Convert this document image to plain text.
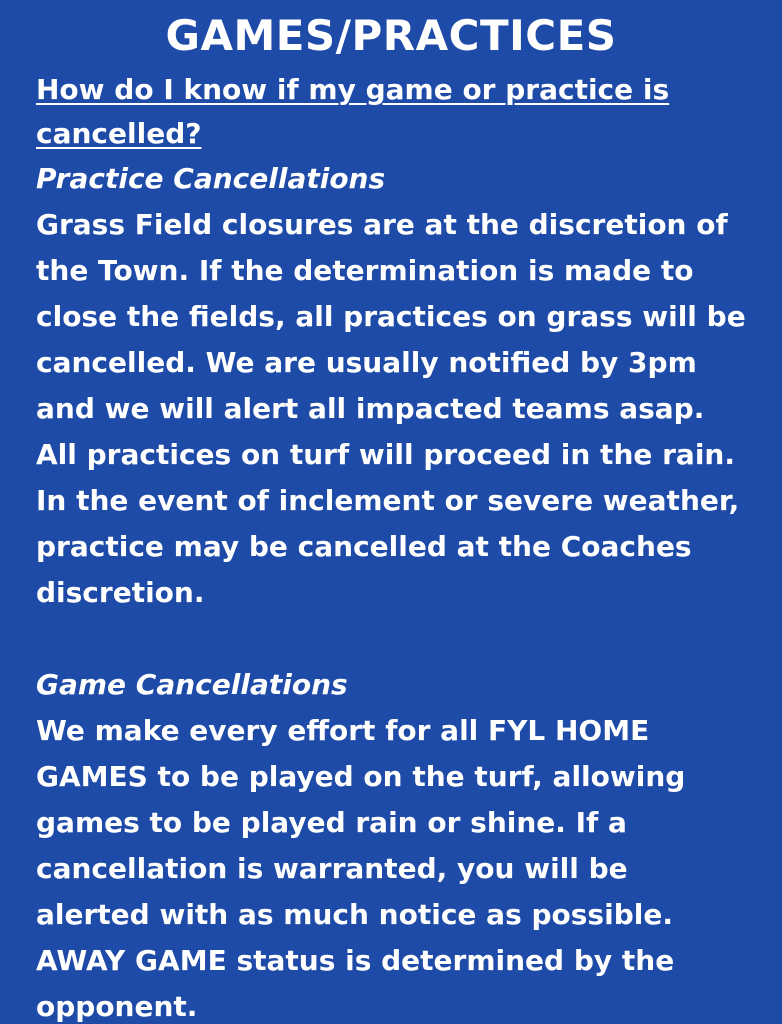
GAMES/PRACTICES

How do I know if my game or practice is cancelled?

Practice Cancellations

Grass Field closures are at the discretion of the Town. If the determination is made to close the fields, all practices on grass will be cancelled. We are usually notified by 3pm and we will alert all impacted teams asap. All practices on turf will proceed in the rain. In the event of inclement or severe weather, practice may be cancelled at the Coaches discretion.

Game Cancellations

We make every effort for all FYL HOME GAMES to be played on the turf, allowing games to be played rain or shine. If a cancellation is warranted, you will be alerted with as much notice as possible. AWAY GAME status is determined by the opponent.
